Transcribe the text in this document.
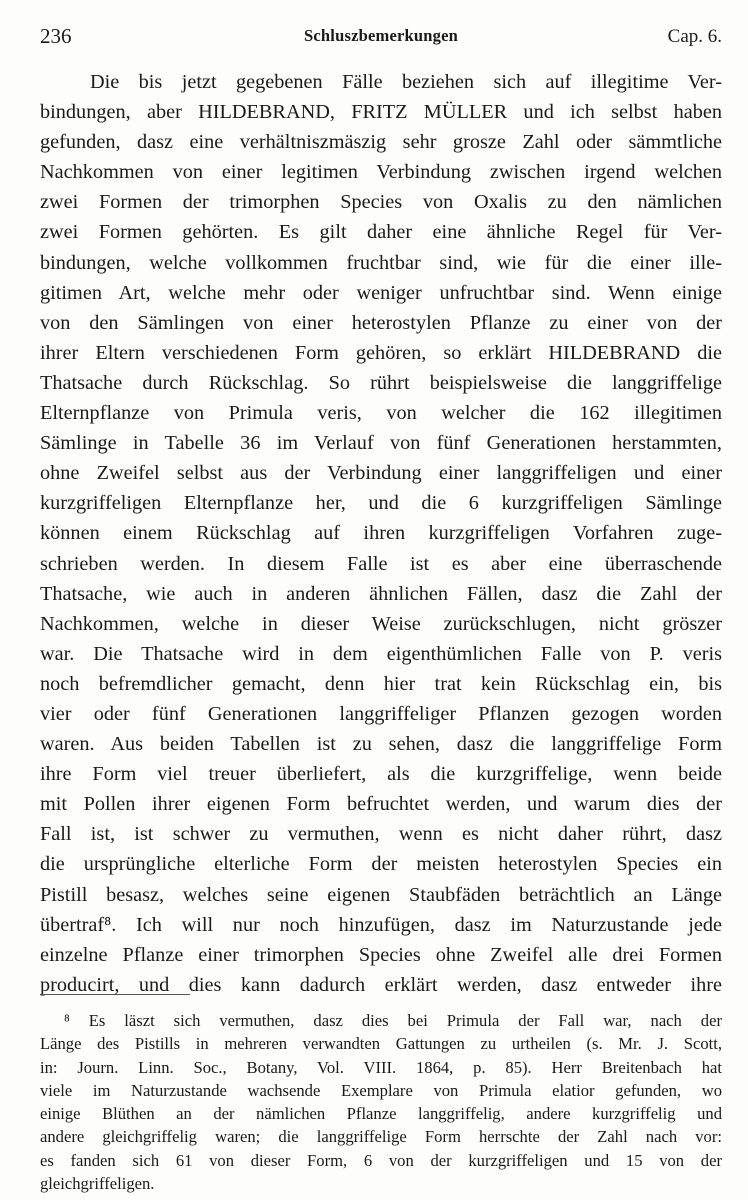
236	Schluszbemerkungen	Cap. 6.
Die bis jetzt gegebenen Fälle beziehen sich auf illegitime Ver-
bindungen, aber HILDEBRAND, FRITZ MÜLLER und ich selbst haben
gefunden, dasz eine verhältniszmäszig sehr grosze Zahl oder sämmtliche
Nachkommen von einer legitimen Verbindung zwischen irgend welchen
zwei Formen der trimorphen Species von Oxalis zu den nämlichen
zwei Formen gehörten. Es gilt daher eine ähnliche Regel für Ver-
bindungen, welche vollkommen fruchtbar sind, wie für die einer ille-
gitimen Art, welche mehr oder weniger unfruchtbar sind. Wenn einige
von den Sämlingen von einer heterostylen Pflanze zu einer von der
ihrer Eltern verschiedenen Form gehören, so erklärt HILDEBRAND die
Thatsache durch Rückschlag. So rührt beispielsweise die langgriffelige
Elternpflanze von Primula veris, von welcher die 162 illegitimen
Sämlinge in Tabelle 36 im Verlauf von fünf Generationen herstammten,
ohne Zweifel selbst aus der Verbindung einer langgriffeligen und einer
kurzgriffeligen Elternpflanze her, und die 6 kurzgriffeligen Sämlinge
können einem Rückschlag auf ihren kurzgriffeligen Vorfahren zuge-
schrieben werden. In diesem Falle ist es aber eine überraschende
Thatsache, wie auch in anderen ähnlichen Fällen, dasz die Zahl der
Nachkommen, welche in dieser Weise zurückschlugen, nicht gröszer
war. Die Thatsache wird in dem eigenthümlichen Falle von P. veris
noch befremdlicher gemacht, denn hier trat kein Rückschlag ein, bis
vier oder fünf Generationen langgriffeliger Pflanzen gezogen worden
waren. Aus beiden Tabellen ist zu sehen, dasz die langgriffelige Form
ihre Form viel treuer überliefert, als die kurzgriffelige, wenn beide
mit Pollen ihrer eigenen Form befruchtet werden, und warum dies der
Fall ist, ist schwer zu vermuthen, wenn es nicht daher rührt, dasz
die ursprüngliche elterliche Form der meisten heterostylen Species ein
Pistill besasz, welches seine eigenen Staubfäden beträchtlich an Länge
übertraf⁸. Ich will nur noch hinzufügen, dasz im Naturzustande jede
einzelne Pflanze einer trimorphen Species ohne Zweifel alle drei Formen
producirt, und dies kann dadurch erklärt werden, dasz entweder ihre
⁸ Es läszt sich vermuthen, dasz dies bei Primula der Fall war, nach der
Länge des Pistills in mehreren verwandten Gattungen zu urtheilen (s. Mr. J. Scott,
in: Journ. Linn. Soc., Botany, Vol. VIII. 1864, p. 85). Herr Breitenbach hat
viele im Naturzustande wachsende Exemplare von Primula elatior gefunden, wo
einige Blüthen an der nämlichen Pflanze langgriffelig, andere kurzgriffelig und
andere gleichgriffelig waren; die langgriffelige Form herrschte der Zahl nach vor:
es fanden sich 61 von dieser Form, 6 von der kurzgriffeligen und 15 von der
gleichgriffeligen.
